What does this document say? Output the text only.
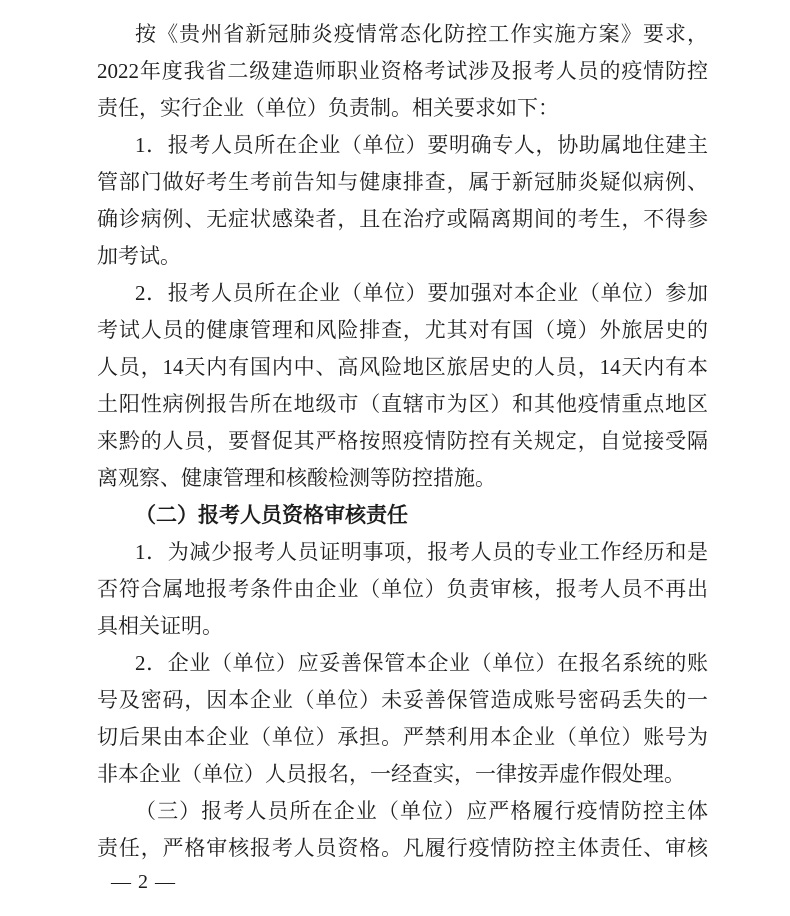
按《贵州省新冠肺炎疫情常态化防控工作实施方案》要求，
2022年度我省二级建造师职业资格考试涉及报考人员的疫情防控
责任，实行企业（单位）负责制。相关要求如下：
1．报考人员所在企业（单位）要明确专人，协助属地住建主
管部门做好考生考前告知与健康排查，属于新冠肺炎疑似病例、
确诊病例、无症状感染者，且在治疗或隔离期间的考生，不得参
加考试。
2．报考人员所在企业（单位）要加强对本企业（单位）参加
考试人员的健康管理和风险排查，尤其对有国（境）外旅居史的
人员，14天内有国内中、高风险地区旅居史的人员，14天内有本
土阳性病例报告所在地级市（直辖市为区）和其他疫情重点地区
来黔的人员，要督促其严格按照疫情防控有关规定，自觉接受隔
离观察、健康管理和核酸检测等防控措施。
（二）报考人员资格审核责任
1．为减少报考人员证明事项，报考人员的专业工作经历和是
否符合属地报考条件由企业（单位）负责审核，报考人员不再出
具相关证明。
2．企业（单位）应妥善保管本企业（单位）在报名系统的账
号及密码，因本企业（单位）未妥善保管造成账号密码丢失的一
切后果由本企业（单位）承担。严禁利用本企业（单位）账号为
非本企业（单位）人员报名，一经查实，一律按弄虚作假处理。
（三）报考人员所在企业（单位）应严格履行疫情防控主体
责任，严格审核报考人员资格。凡履行疫情防控主体责任、审核
— 2 —
